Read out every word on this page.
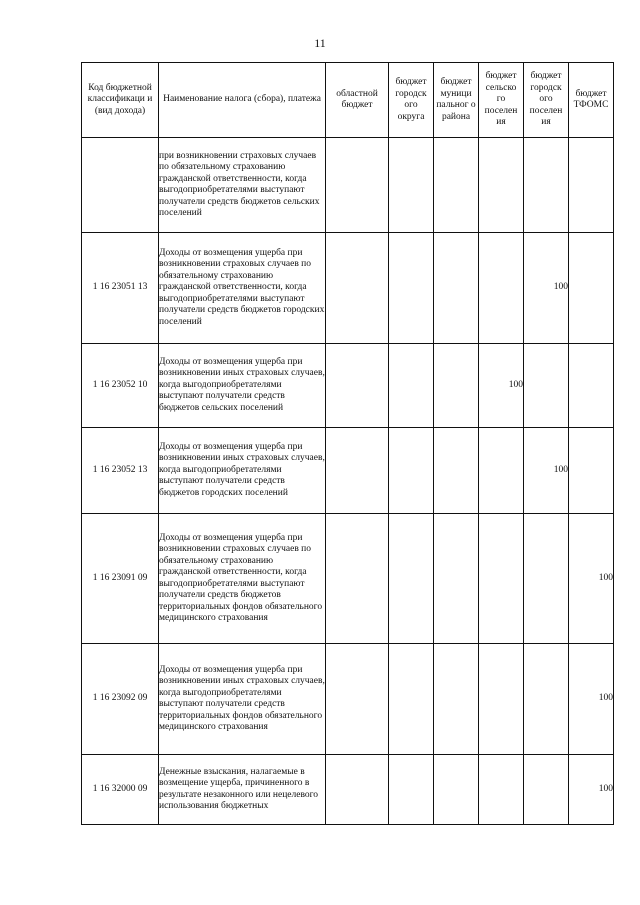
11
Код бюджетной классификаци и (вид дохода)	Наименование налога (сбора), платежа	областной бюджет	бюджет городск ого округа	бюджет муници пальног о района	бюджет сельско го поселен ия	бюджет городск ого поселен ия	бюджет ТФОМС
	при возникновении страховых случаев по обязательному страхованию гражданской ответственности, когда выгодоприобретателями выступают получатели средств бюджетов сельских поселений						
1 16 23051 13	Доходы от возмещения ущерба при возникновении страховых случаев по обязательному страхованию гражданской ответственности, когда выгодоприобретателями выступают получатели средств бюджетов городских поселений					100	
1 16 23052 10	Доходы от возмещения ущерба при возникновении иных страховых случаев, когда выгодоприобретателями выступают получатели средств бюджетов сельских поселений				100		
1 16 23052 13	Доходы от возмещения ущерба при возникновении иных страховых случаев, когда выгодоприобретателями выступают получатели средств бюджетов городских поселений					100	
1 16 23091 09	Доходы от возмещения ущерба при возникновении страховых случаев по обязательному страхованию гражданской ответственности, когда выгодоприобретателями выступают получатели средств бюджетов территориальных фондов обязательного медицинского страхования						100
1 16 23092 09	Доходы от возмещения ущерба при возникновении иных страховых случаев, когда выгодоприобретателями выступают получатели средств территориальных фондов обязательного медицинского страхования						100
1 16 32000 09	Денежные взыскания, налагаемые в возмещение ущерба, причиненного в результате незаконного или нецелевого использования бюджетных						100
